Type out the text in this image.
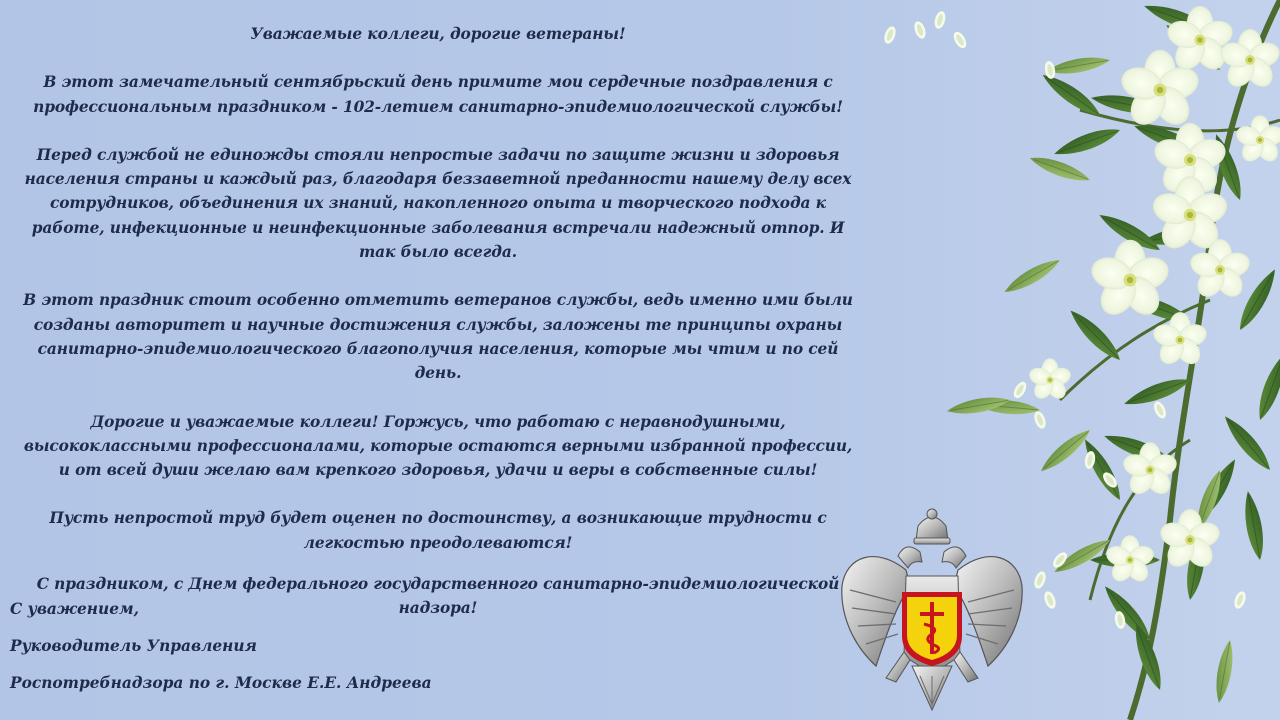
Уважаемые коллеги, дорогие ветераны!

В этот замечательный сентябрьский день примите мои сердечные поздравления с профессиональным праздником - 102-летием санитарно-эпидемиологической службы!

Перед службой не единожды стояли непростые задачи по защите жизни и здоровья населения страны и каждый раз, благодаря беззаветной преданности нашему делу всех сотрудников, объединения их знаний, накопленного опыта и творческого подхода к работе, инфекционные и неинфекционные заболевания встречали надежный отпор. И так было всегда.

В этот праздник стоит особенно отметить ветеранов службы, ведь именно ими были созданы авторитет и научные достижения службы, заложены те принципы охраны санитарно-эпидемиологического благополучия населения, которые мы чтим и по сей день.

Дорогие и уважаемые коллеги! Горжусь, что работаю с неравнодушными, высококлассными профессионалами, которые остаются верными избранной профессии, и от всей души желаю вам крепкого здоровья, удачи и веры в собственные силы!

Пусть непростой труд будет оценен по достоинству, а возникающие трудности с легкостью преодолеваются!

С праздником, с Днем федерального государственного санитарно-эпидемиологической надзора!

С уважением,

Руководитель Управления

Роспотребнадзора по г. Москве Е.Е. Андреева
